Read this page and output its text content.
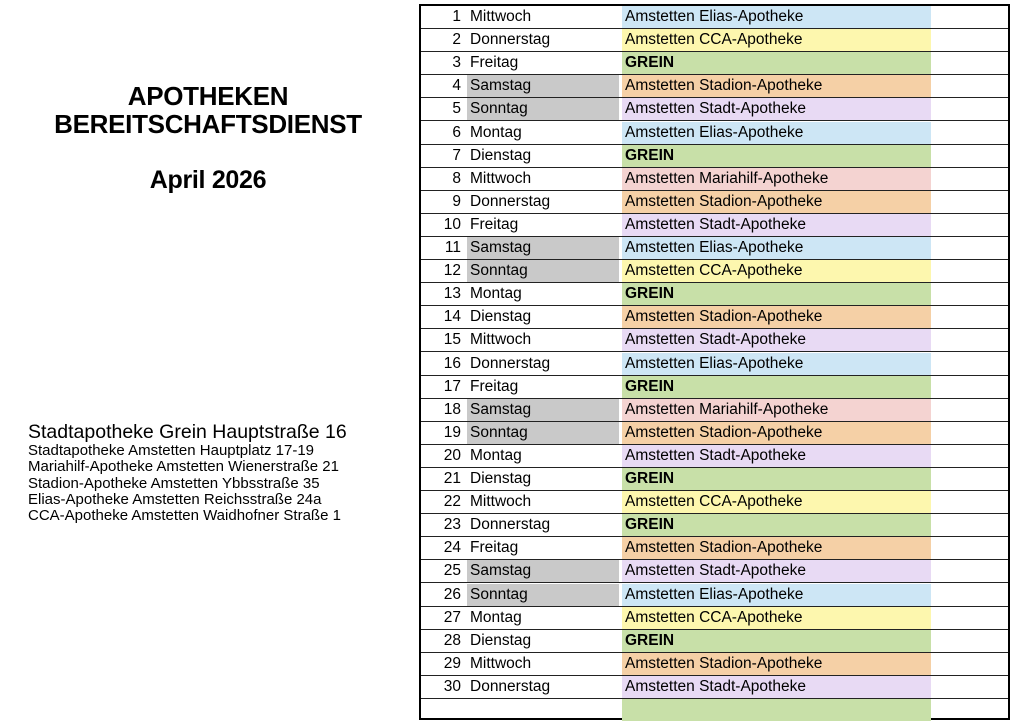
APOTHEKEN
BEREITSCHAFTSDIENST
April 2026
Stadtapotheke Grein Hauptstraße 16
Stadtapotheke Amstetten Hauptplatz 17-19
Mariahilf-Apotheke Amstetten Wienerstraße 21
Stadion-Apotheke Amstetten Ybbsstraße 35
Elias-Apotheke Amstetten Reichsstraße 24a
CCA-Apotheke Amstetten Waidhofner Straße 1
1 Mittwoch	Amstetten Elias-Apotheke
2 Donnerstag	Amstetten CCA-Apotheke
3 Freitag	GREIN
4 Samstag	Amstetten Stadion-Apotheke
5 Sonntag	Amstetten Stadt-Apotheke
6 Montag	Amstetten Elias-Apotheke
7 Dienstag	GREIN
8 Mittwoch	Amstetten Mariahilf-Apotheke
9 Donnerstag	Amstetten Stadion-Apotheke
10 Freitag	Amstetten Stadt-Apotheke
11 Samstag	Amstetten Elias-Apotheke
12 Sonntag	Amstetten CCA-Apotheke
13 Montag	GREIN
14 Dienstag	Amstetten Stadion-Apotheke
15 Mittwoch	Amstetten Stadt-Apotheke
16 Donnerstag	Amstetten Elias-Apotheke
17 Freitag	GREIN
18 Samstag	Amstetten Mariahilf-Apotheke
19 Sonntag	Amstetten Stadion-Apotheke
20 Montag	Amstetten Stadt-Apotheke
21 Dienstag	GREIN
22 Mittwoch	Amstetten CCA-Apotheke
23 Donnerstag	GREIN
24 Freitag	Amstetten Stadion-Apotheke
25 Samstag	Amstetten Stadt-Apotheke
26 Sonntag	Amstetten Elias-Apotheke
27 Montag	Amstetten CCA-Apotheke
28 Dienstag	GREIN
29 Mittwoch	Amstetten Stadion-Apotheke
30 Donnerstag	Amstetten Stadt-Apotheke
